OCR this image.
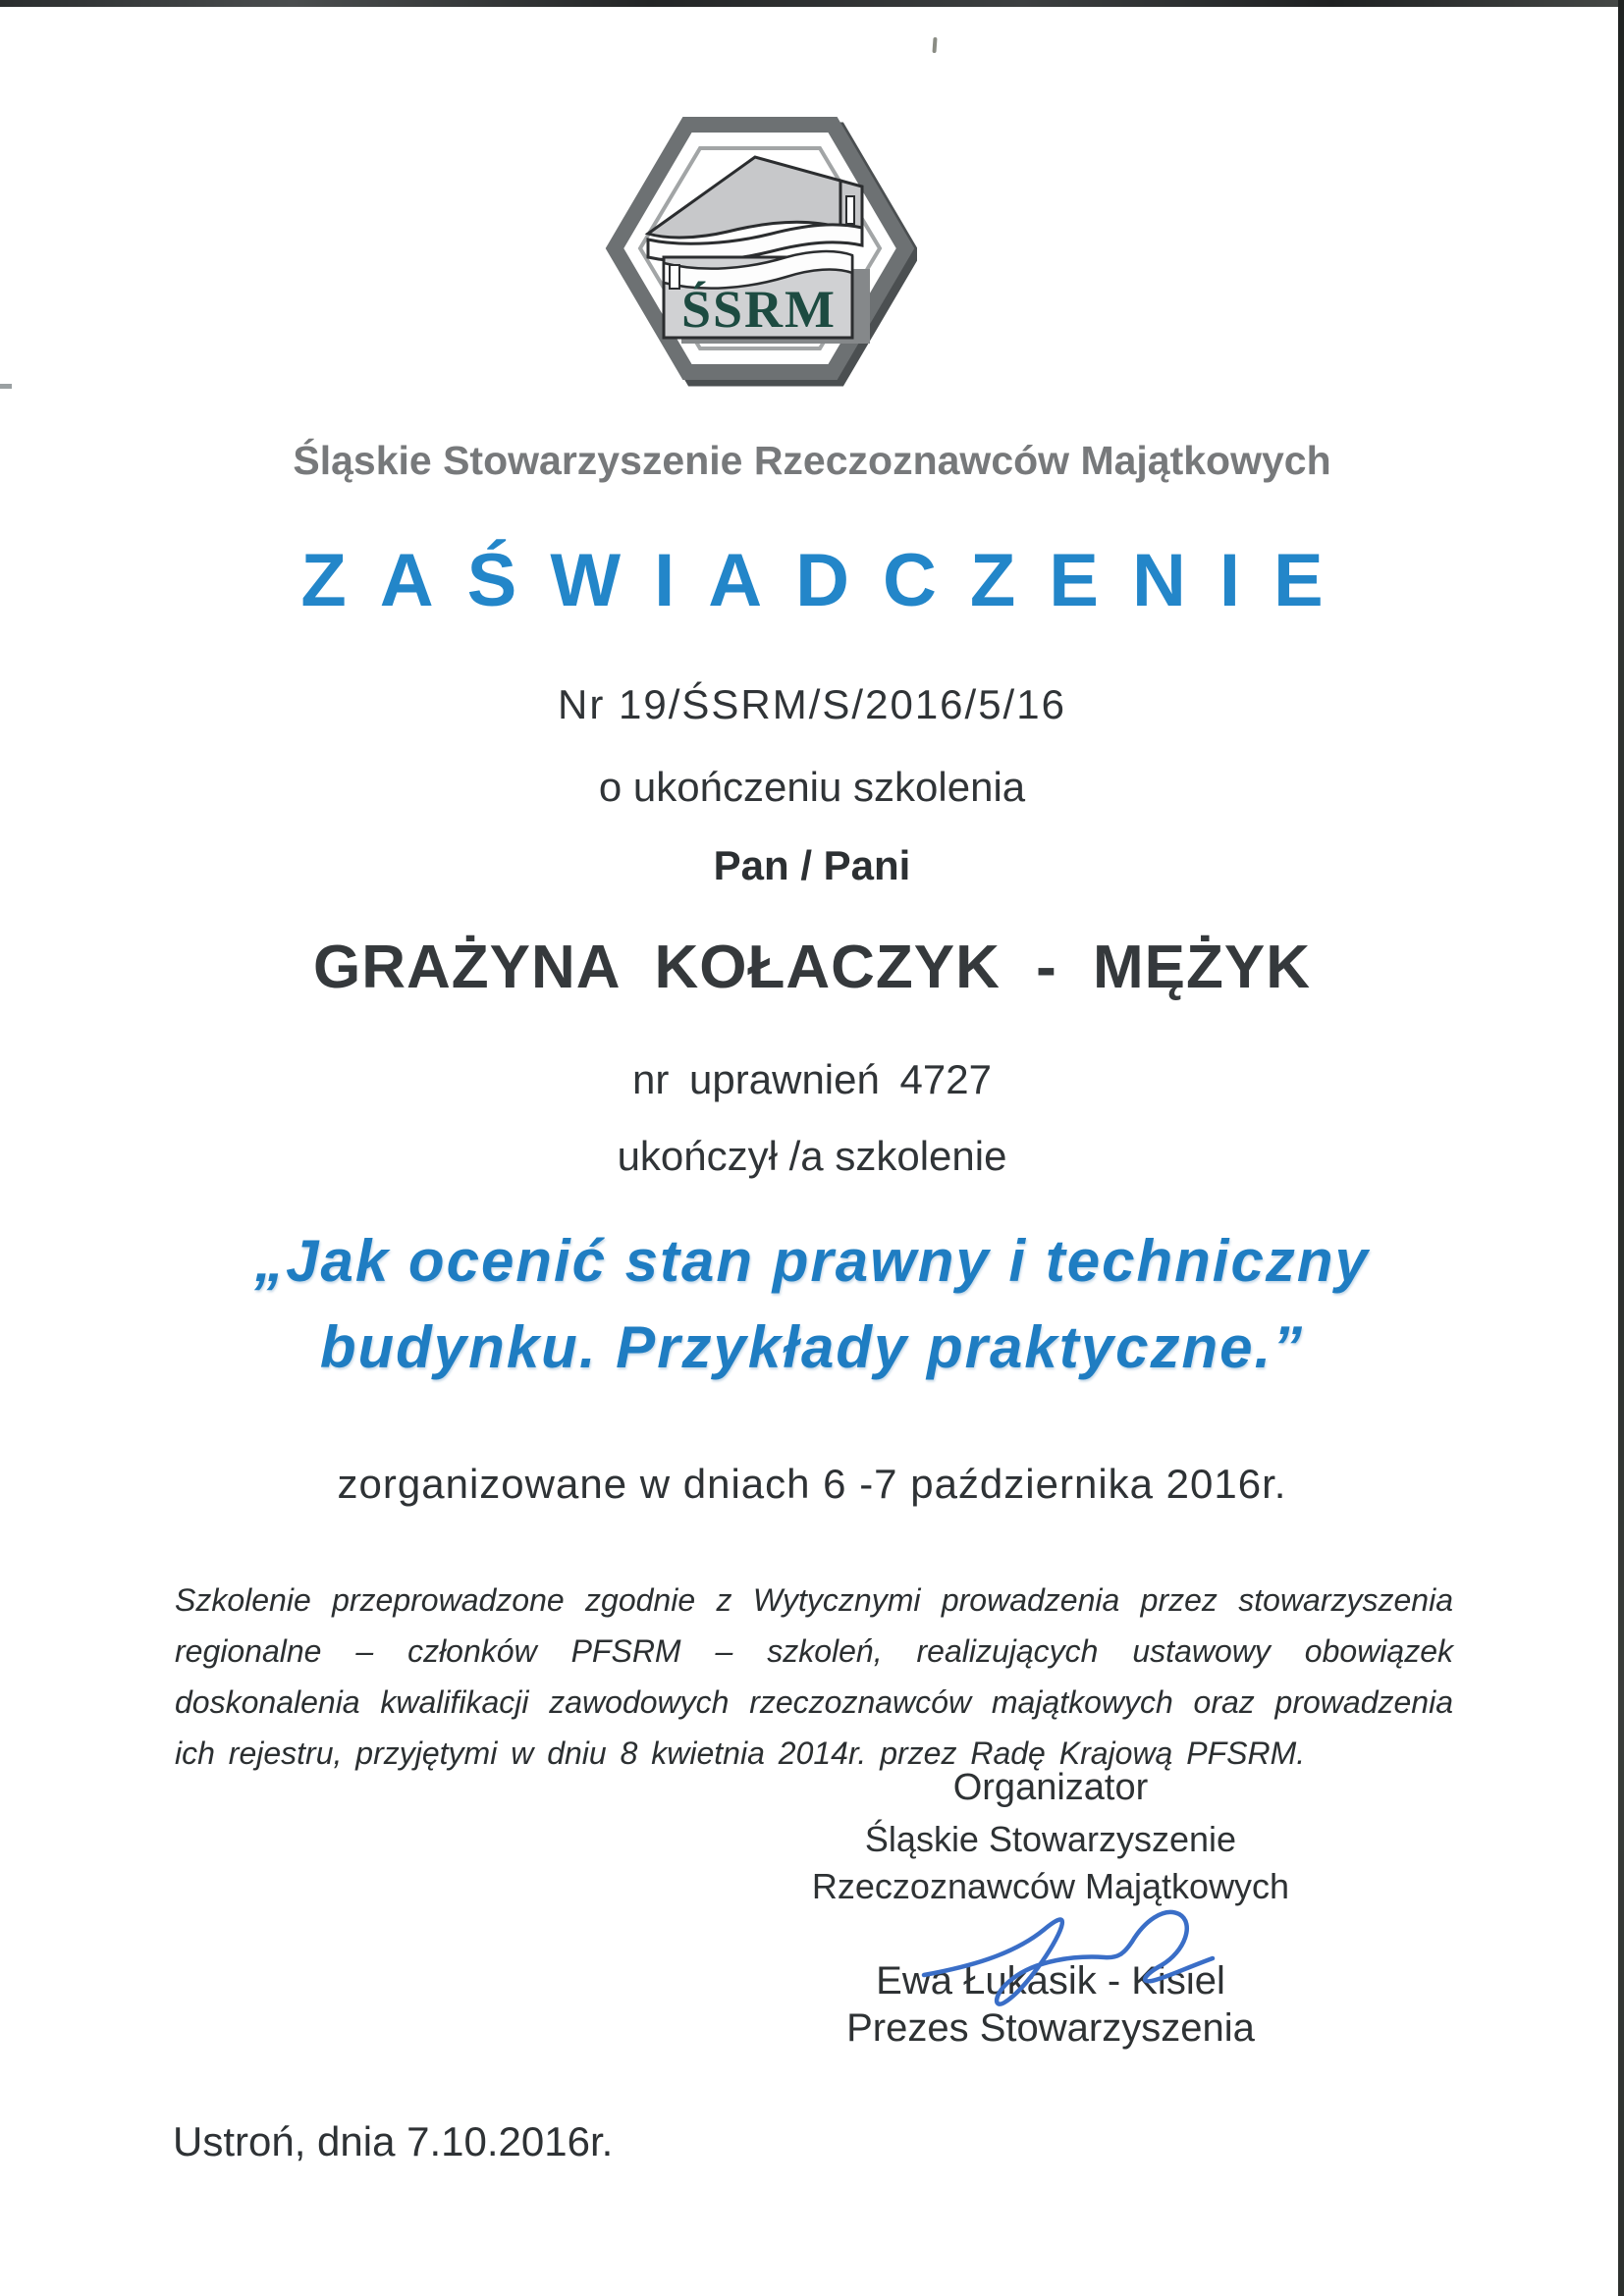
ŚSRM
Śląskie Stowarzyszenie Rzeczoznawców Majątkowych
ZAŚWIADCZENIE
Nr 19/ŚSRM/S/2016/5/16
o ukończeniu szkolenia
Pan / Pani
GRAŻYNA KOŁACZYK - MĘŻYK
nr uprawnień 4727
ukończył /a szkolenie
„Jak ocenić stan prawny i techniczny
budynku. Przykłady praktyczne.”
zorganizowane w dniach 6 -7 października 2016r.
Szkolenie przeprowadzone zgodnie z Wytycznymi prowadzenia przez stowarzyszenia regionalne – członków PFSRM – szkoleń, realizujących ustawowy obowiązek doskonalenia kwalifikacji zawodowych rzeczoznawców majątkowych oraz prowadzenia ich rejestru, przyjętymi w dniu 8 kwietnia 2014r. przez Radę Krajową PFSRM.
Organizator
Śląskie Stowarzyszenie
Rzeczoznawców Majątkowych
Ewa Łukasik - Kisiel
Prezes Stowarzyszenia
Ustroń, dnia 7.10.2016r.
